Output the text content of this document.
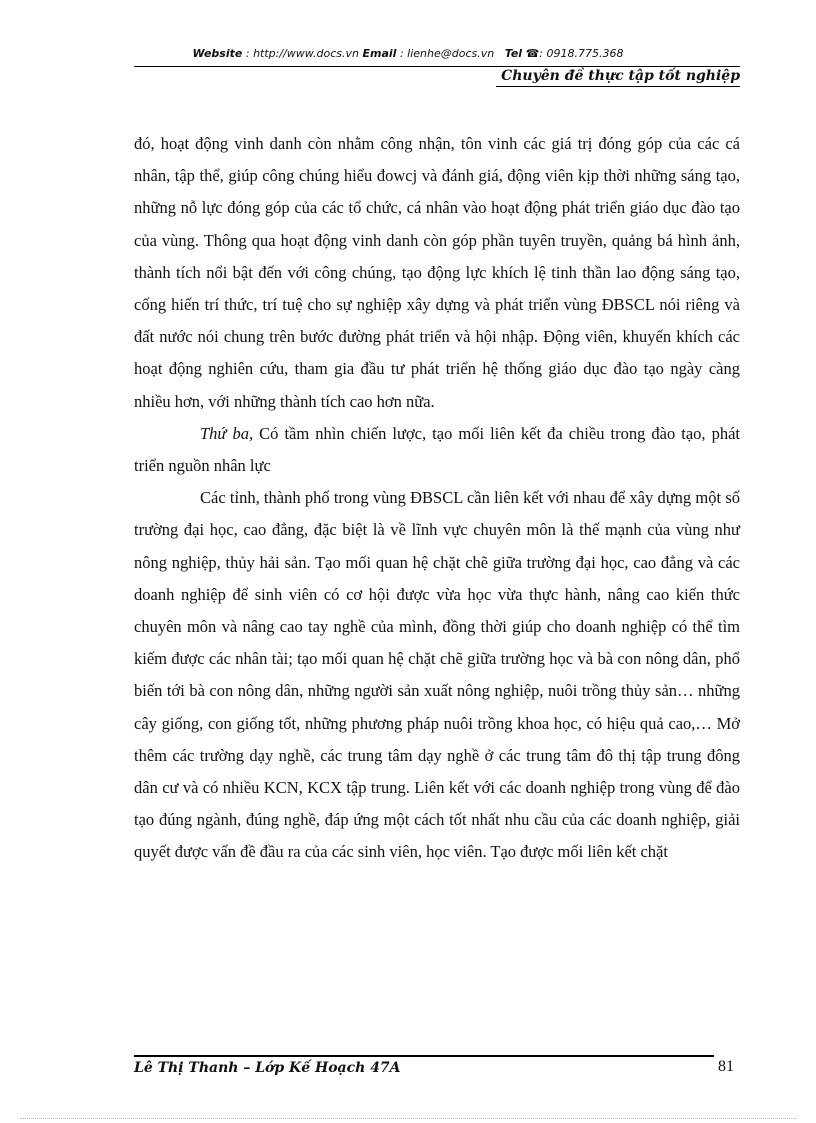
Website : http://www.docs.vn Email : lienhe@docs.vn Tel ☎: 0918.775.368
Chuyên đề thực tập tốt nghiệp

đó, hoạt động vinh danh còn nhằm công nhận, tôn vinh các giá trị đóng góp của các cá nhân, tập thể, giúp công chúng hiểu đowcj và đánh giá, động viên kịp thời những sáng tạo, những nỗ lực đóng góp của các tổ chức, cá nhân vào hoạt động phát triển giáo dục đào tạo của vùng. Thông qua hoạt động vinh danh còn góp phần tuyên truyền, quảng bá hình ảnh, thành tích nổi bật đến với công chúng, tạo động lực khích lệ tinh thần lao động sáng tạo, cống hiến trí thức, trí tuệ cho sự nghiệp xây dựng và phát triển vùng ĐBSCL nói riêng và đất nước nói chung trên bước đường phát triển và hội nhập. Động viên, khuyến khích các hoạt động nghiên cứu, tham gia đầu tư phát triển hệ thống giáo dục đào tạo ngày càng nhiều hơn, với những thành tích cao hơn nữa.

Thứ ba, Có tầm nhìn chiến lược, tạo mối liên kết đa chiều trong đào tạo, phát triển nguồn nhân lực

Các tỉnh, thành phố trong vùng ĐBSCL cần liên kết với nhau để xây dựng một số trường đại học, cao đẳng, đặc biệt là về lĩnh vực chuyên môn là thế mạnh của vùng như nông nghiệp, thủy hải sản. Tạo mối quan hệ chặt chẽ giữa trường đại học, cao đẳng và các doanh nghiệp để sinh viên có cơ hội được vừa học vừa thực hành, nâng cao kiến thức chuyên môn và nâng cao tay nghề của mình, đồng thời giúp cho doanh nghiệp có thể tìm kiếm được các nhân tài; tạo mối quan hệ chặt chẽ giữa trường học và bà con nông dân, phổ biến tới bà con nông dân, những người sản xuất nông nghiệp, nuôi trồng thủy sản… những cây giống, con giống tốt, những phương pháp nuôi trồng khoa học, có hiệu quả cao,… Mở thêm các trường dạy nghề, các trung tâm dạy nghề ở các trung tâm đô thị tập trung đông dân cư và có nhiều KCN, KCX tập trung. Liên kết với các doanh nghiệp trong vùng để đào tạo đúng ngành, đúng nghề, đáp ứng một cách tốt nhất nhu cầu của các doanh nghiệp, giải quyết được vấn đề đầu ra của các sinh viên, học viên. Tạo được mối liên kết chặt

Lê Thị Thanh – Lớp Kế Hoạch 47A	81
